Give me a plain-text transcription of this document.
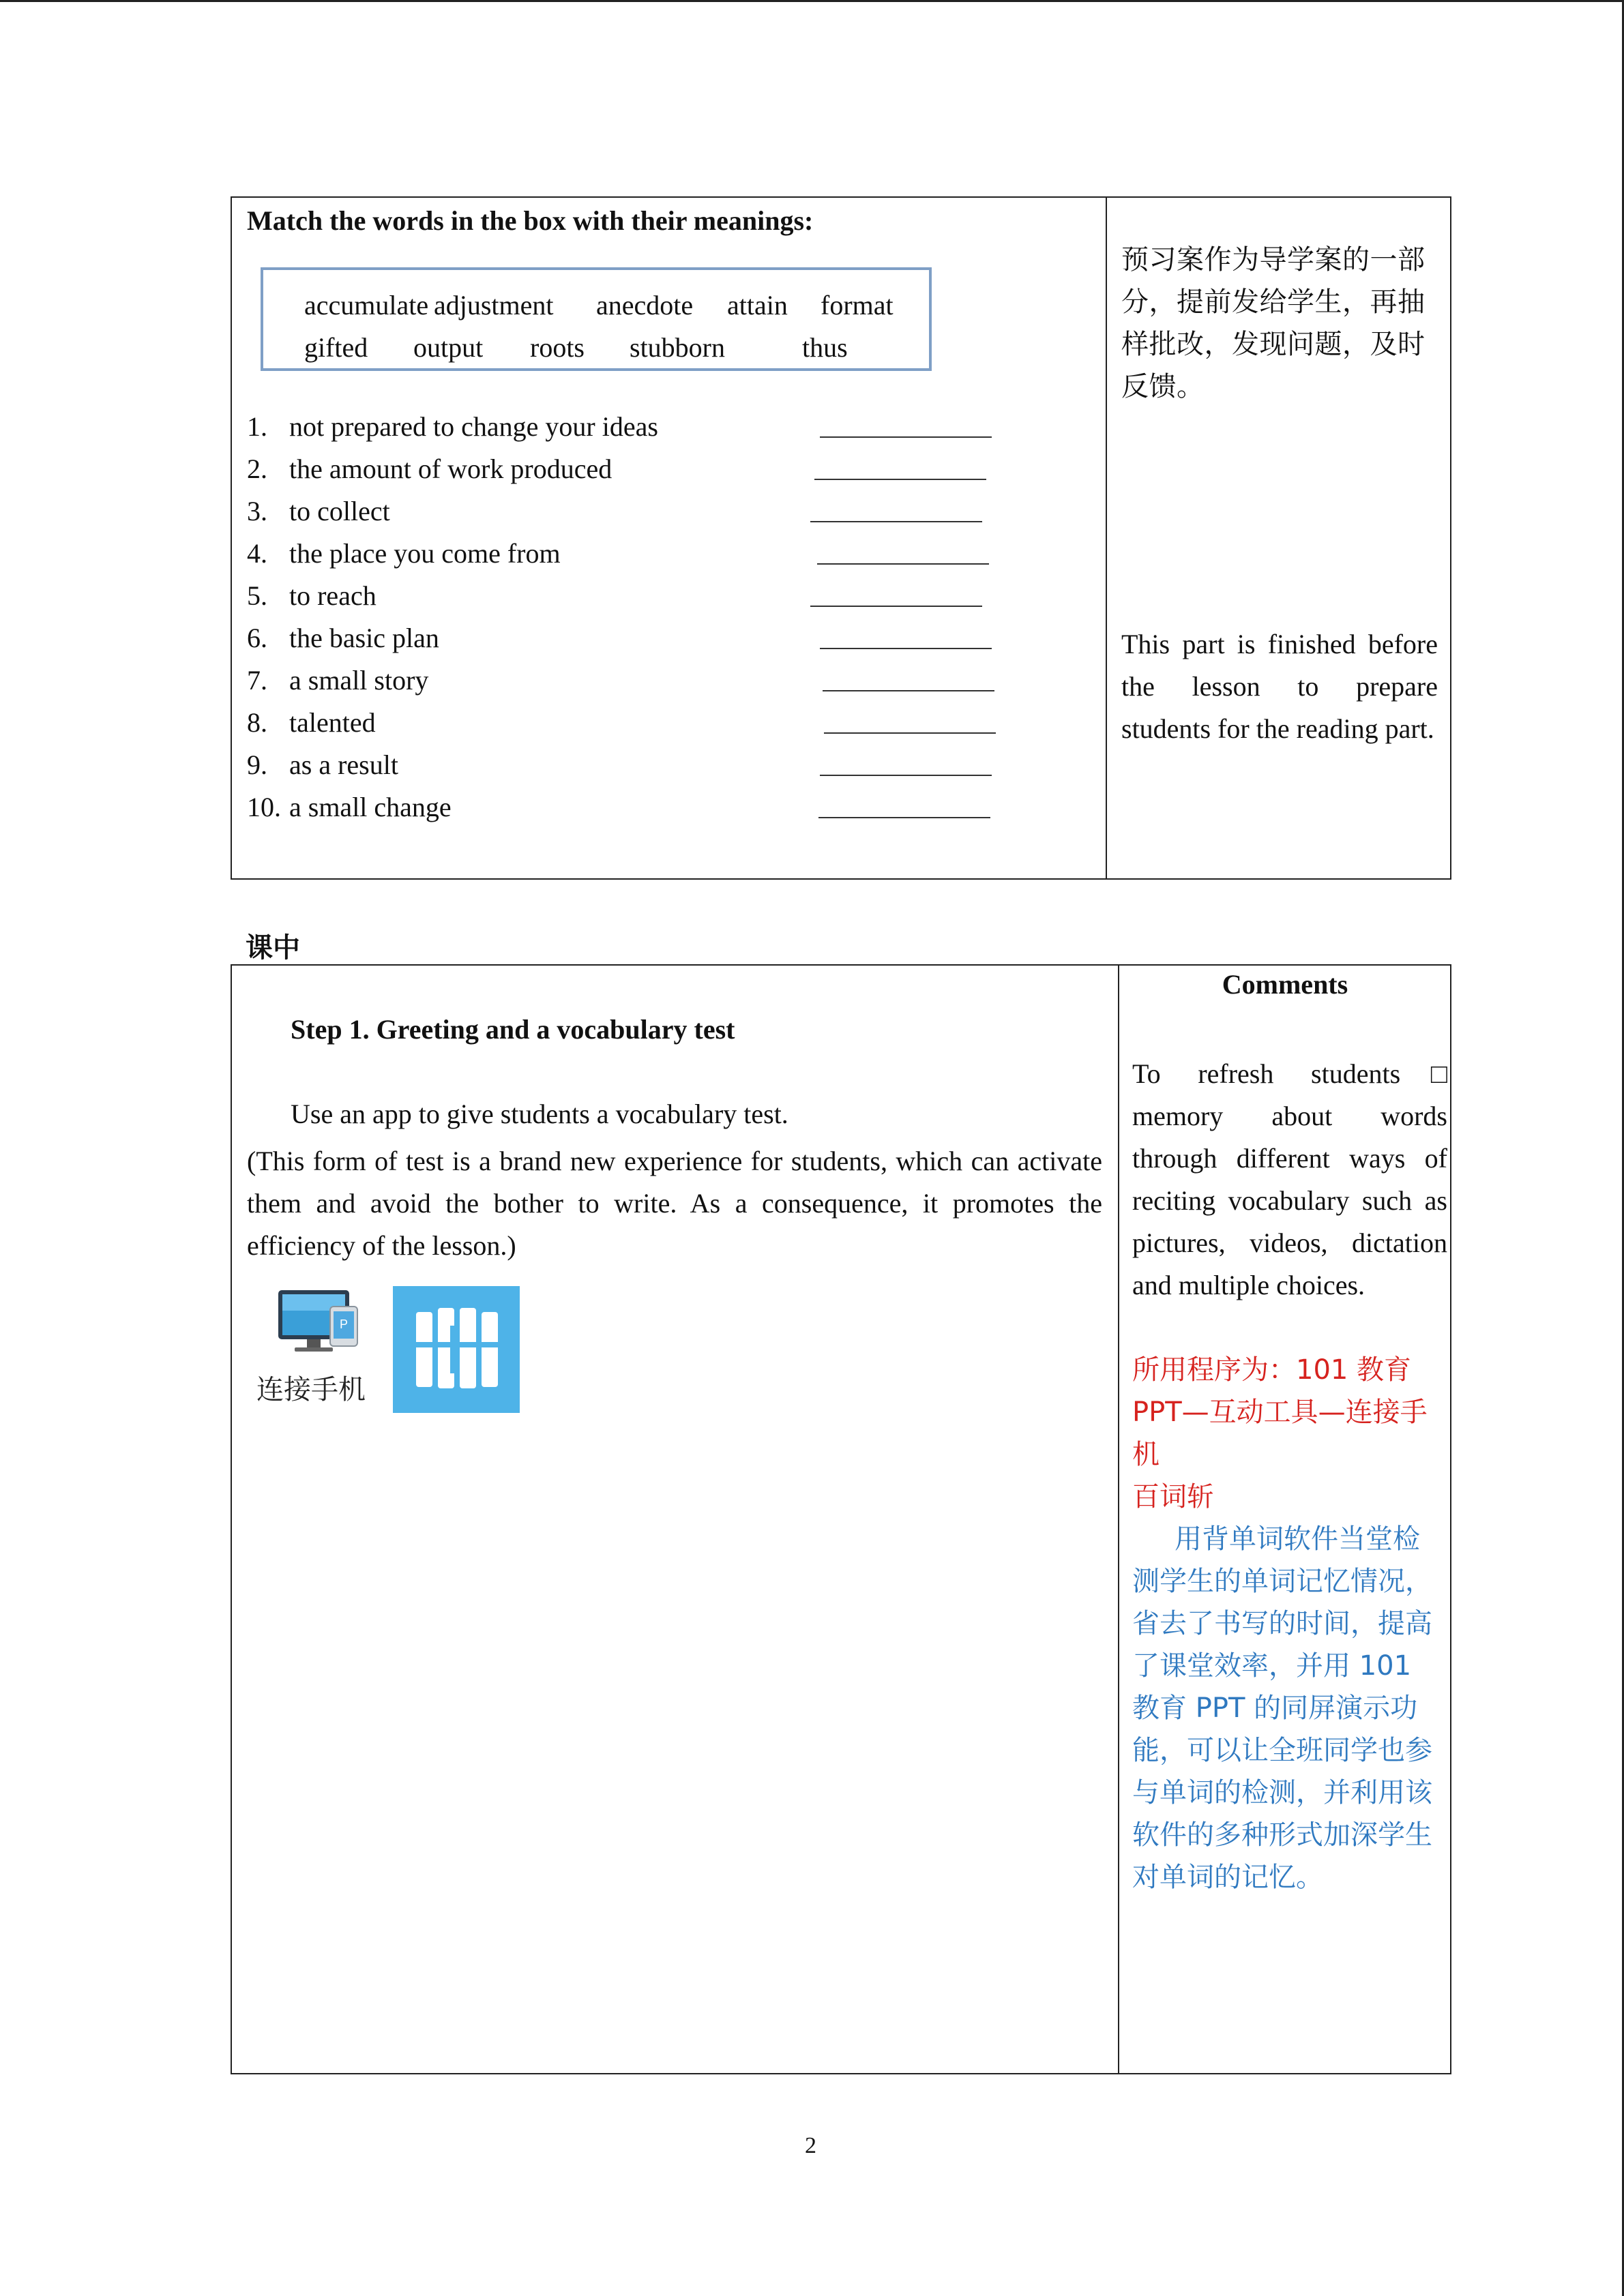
Match the words in the box with their meanings:
accumulate adjustment anecdote attain format
gifted output roots stubborn	thus
1. not prepared to change your ideas
2. the amount of work produced
3. to collect
4. the place you come from
5. to reach
6. the basic plan
7. a small story
8. talented
9. as a result
10. a small change
预习案作为导学案的一部分，提前发给学生，再抽样批改，发现问题，及时反馈。
This part is finished before the lesson to prepare students for the reading part.
课中
Step 1. Greeting and a vocabulary test
Use an app to give students a vocabulary test.
(This form of test is a brand new experience for students, which can activate them and avoid the bother to write. As a consequence, it promotes the efficiency of the lesson.)
P
连接手机
Comments
To refresh students□ memory about words through different ways of reciting vocabulary such as pictures, videos, dictation and multiple choices.
所用程序为：101 教育 PPT—互动工具—连接手机
百词斩
用背单词软件当堂检测学生的单词记忆情况，省去了书写的时间，提高了课堂效率，并用 101 教育 PPT 的同屏演示功能，可以让全班同学也参与单词的检测，并利用该软件的多种形式加深学生对单词的记忆。
2
